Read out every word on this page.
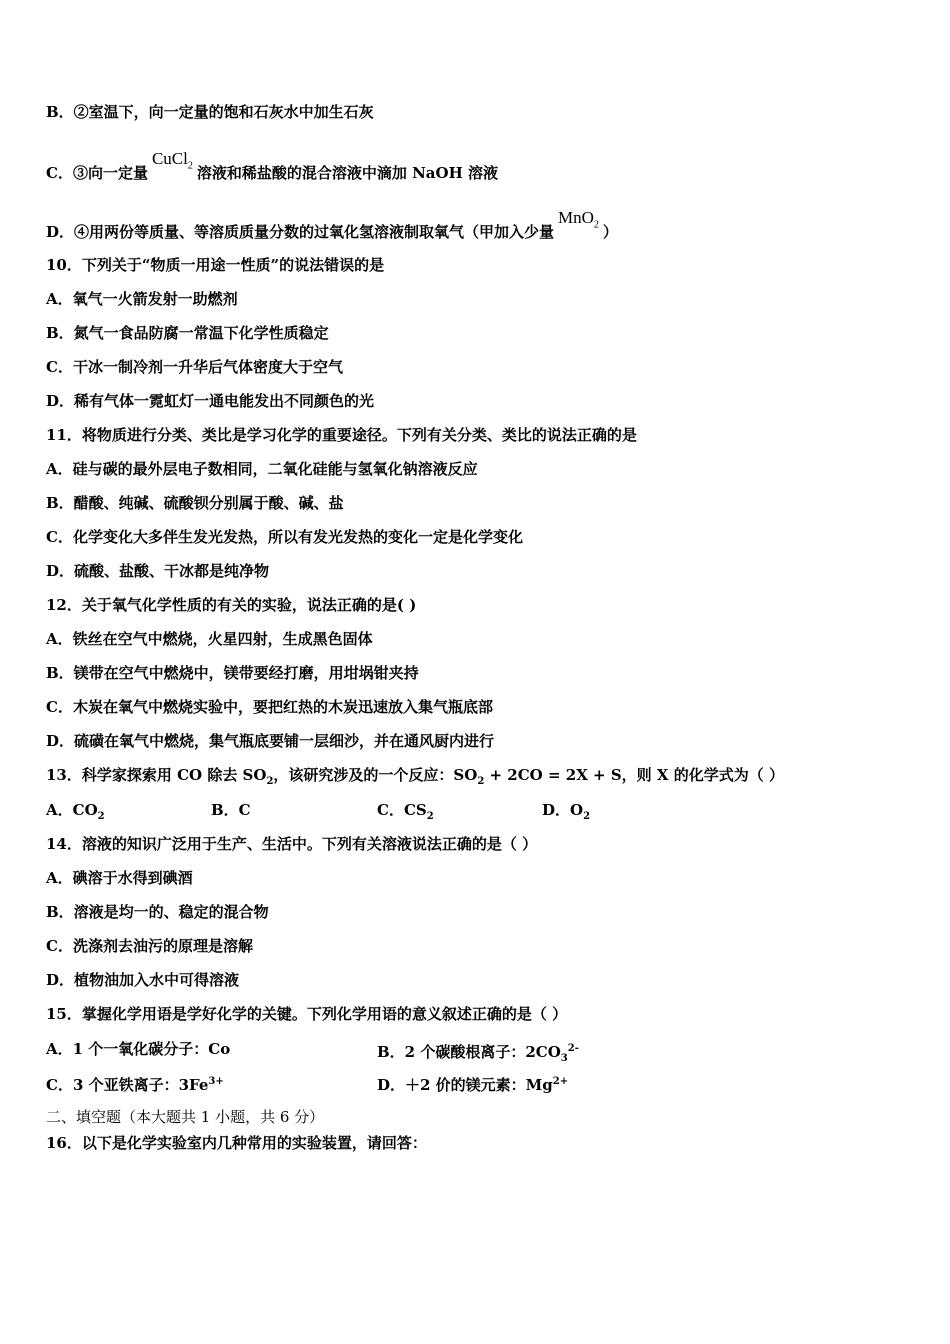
B．②室温下，向一定量的饱和石灰水中加生石灰
C．③向一定量CuCl$_2$ 溶液和稀盐酸的混合溶液中滴加 NaOH 溶液
D．④用两份等质量、等溶质质量分数的过氧化氢溶液制取氧气（甲加入少量MnO$_2$ ）
10．下列关于“物质一用途一性质”的说法错误的是
A．氧气一火箭发射一助燃剂
B．氮气一食品防腐一常温下化学性质稳定
C．干冰一制冷剂一升华后气体密度大于空气
D．稀有气体一霓虹灯一通电能发出不同颜色的光
11．将物质进行分类、类比是学习化学的重要途径。下列有关分类、类比的说法正确的是
A．硅与碳的最外层电子数相同，二氧化硅能与氢氧化钠溶液反应
B．醋酸、纯碱、硫酸钡分别属于酸、碱、盐
C．化学变化大多伴生发光发热，所以有发光发热的变化一定是化学变化
D．硫酸、盐酸、干冰都是纯净物
12．关于氧气化学性质的有关的实验，说法正确的是( )
A．铁丝在空气中燃烧，火星四射，生成黑色固体
B．镁带在空气中燃烧中，镁带要经打磨，用坩埚钳夹持
C．木炭在氧气中燃烧实验中，要把红热的木炭迅速放入集气瓶底部
D．硫磺在氧气中燃烧，集气瓶底要铺一层细沙，并在通风厨内进行
13．科学家探索用 CO 除去 $SO_2$，该研究涉及的一个反应：$SO_2 + 2CO = 2X + S$，则 X 的化学式为（ ）
A．$CO_2$	B．C	C．$CS_2$	D．$O_2$
14．溶液的知识广泛用于生产、生活中。下列有关溶液说法正确的是（ ）
A．碘溶于水得到碘酒
B．溶液是均一的、稳定的混合物
C．洗涤剂去油污的原理是溶解
D．植物油加入水中可得溶液
15．掌握化学用语是学好化学的关键。下列化学用语的意义叙述正确的是（ ）
A．1 个一氧化碳分子：Co	B．2 个碳酸根离子：$2CO_3^{2-}$
C．3 个亚铁离子：$3Fe^{3+}$	D．＋2 价的镁元素：$Mg^{2+}$
二、填空题（本大题共 1 小题，共 6 分）
16．以下是化学实验室内几种常用的实验装置，请回答：
